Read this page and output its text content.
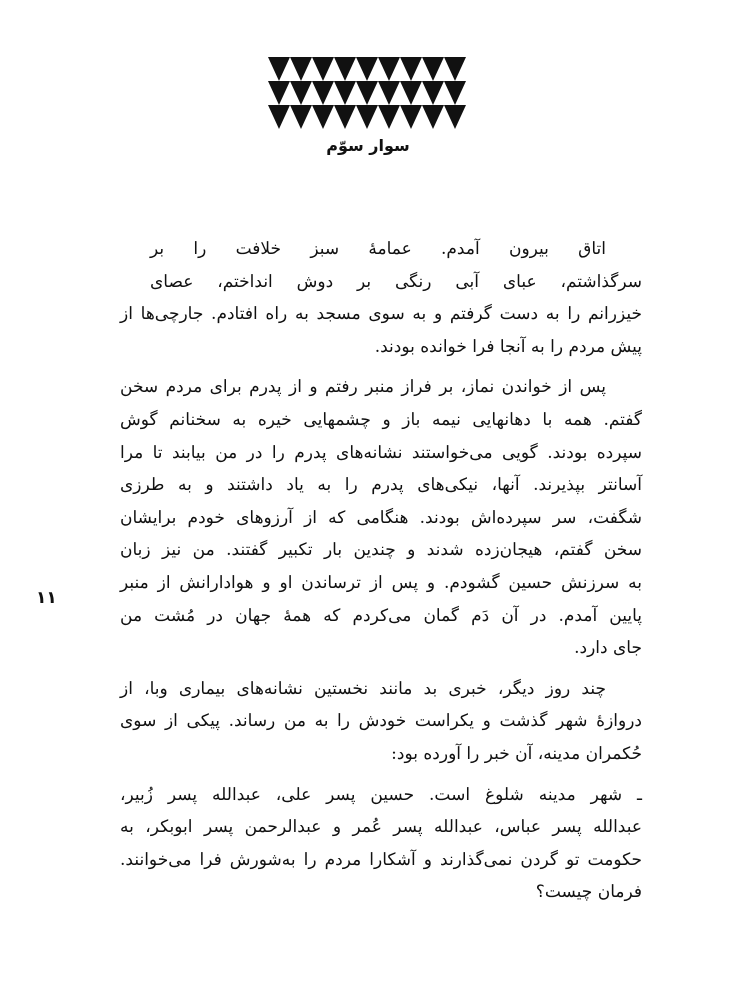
سوار سوّم
۱۱
اتاق بیرون آمدم. عمامهٔ سبز خلافت را بر
سرگذاشتم، عبای آبی رنگی بر دوش انداختم، عصای
خیزرانم را به دست گرفتم و به سوی مسجد به راه افتادم. جارچی‌ها از
پیش مردم را به آنجا فرا خوانده بودند.
پس از خواندن نماز، بر فراز منبر رفتم و از پدرم برای مردم سخن
گفتم. همه با دهانهایی نیمه باز و چشمهایی خیره به سخنانم گوش
سپرده بودند. گویی می‌خواستند نشانه‌های پدرم را در من بیابند تا مرا
آسانتر بپذیرند. آنها، نیکی‌های پدرم را به یاد داشتند و به طرزی
شگفت، سر سپرده‌اش بودند. هنگامی که از آرزوهای خودم برایشان
سخن گفتم، هیجان‌زده شدند و چندین بار تکبیر گفتند. من نیز زبان
به سرزنش حسین گشودم. و پس از ترساندن او و هوادارانش از منبر
پایین آمدم. در آن دَم گمان می‌کردم که همهٔ جهان در مُشت من
جای دارد.
چند روز دیگر، خبری بد مانند نخستین نشانه‌های بیماری وبا، از
دروازهٔ شهر گذشت و یکراست خودش را به من رساند. پیکی از سوی
حُکمران مدینه، آن خبر را آورده بود:
ـ شهر مدینه شلوغ است. حسین پسر علی، عبدالله پسر زُبیر،
عبدالله پسر عباس، عبدالله پسر عُمر و عبدالرحمن پسر ابوبکر، به
حکومت تو گردن نمی‌گذارند و آشکارا مردم را به‌شورش فرا می‌خوانند.
فرمان چیست؟
